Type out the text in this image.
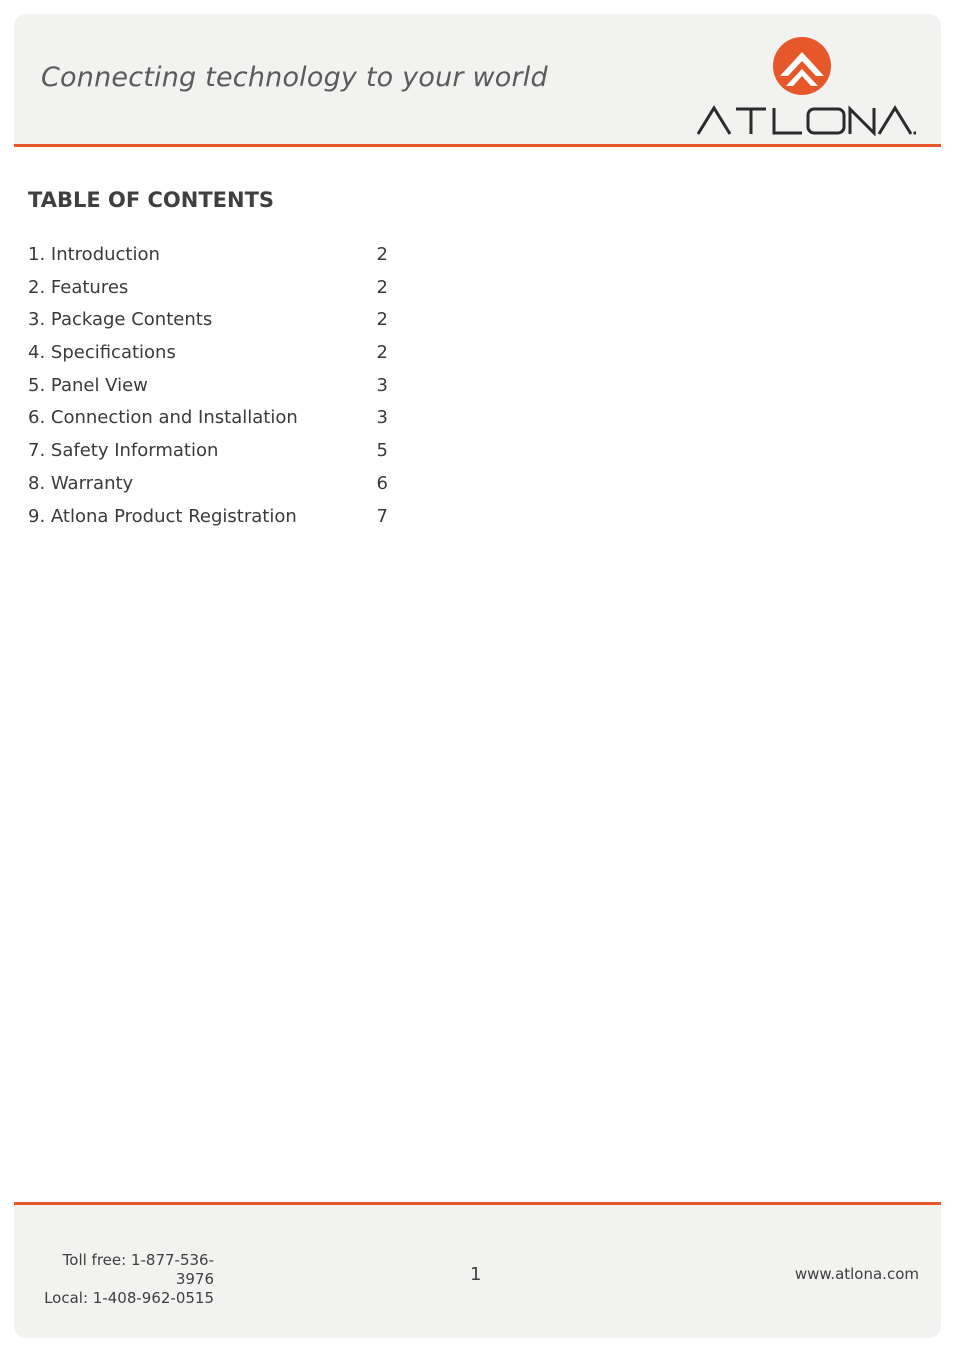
Connecting technology to your world
TABLE OF CONTENTS
1. Introduction	2
2. Features	2
3. Package Contents	2
4. Specifications	2
5. Panel View	3
6. Connection and Installation	3
7. Safety Information	5
8. Warranty	6
9. Atlona Product Registration	7
Toll free: 1-877-536-3976
Local: 1-408-962-0515
1	www.atlona.com
